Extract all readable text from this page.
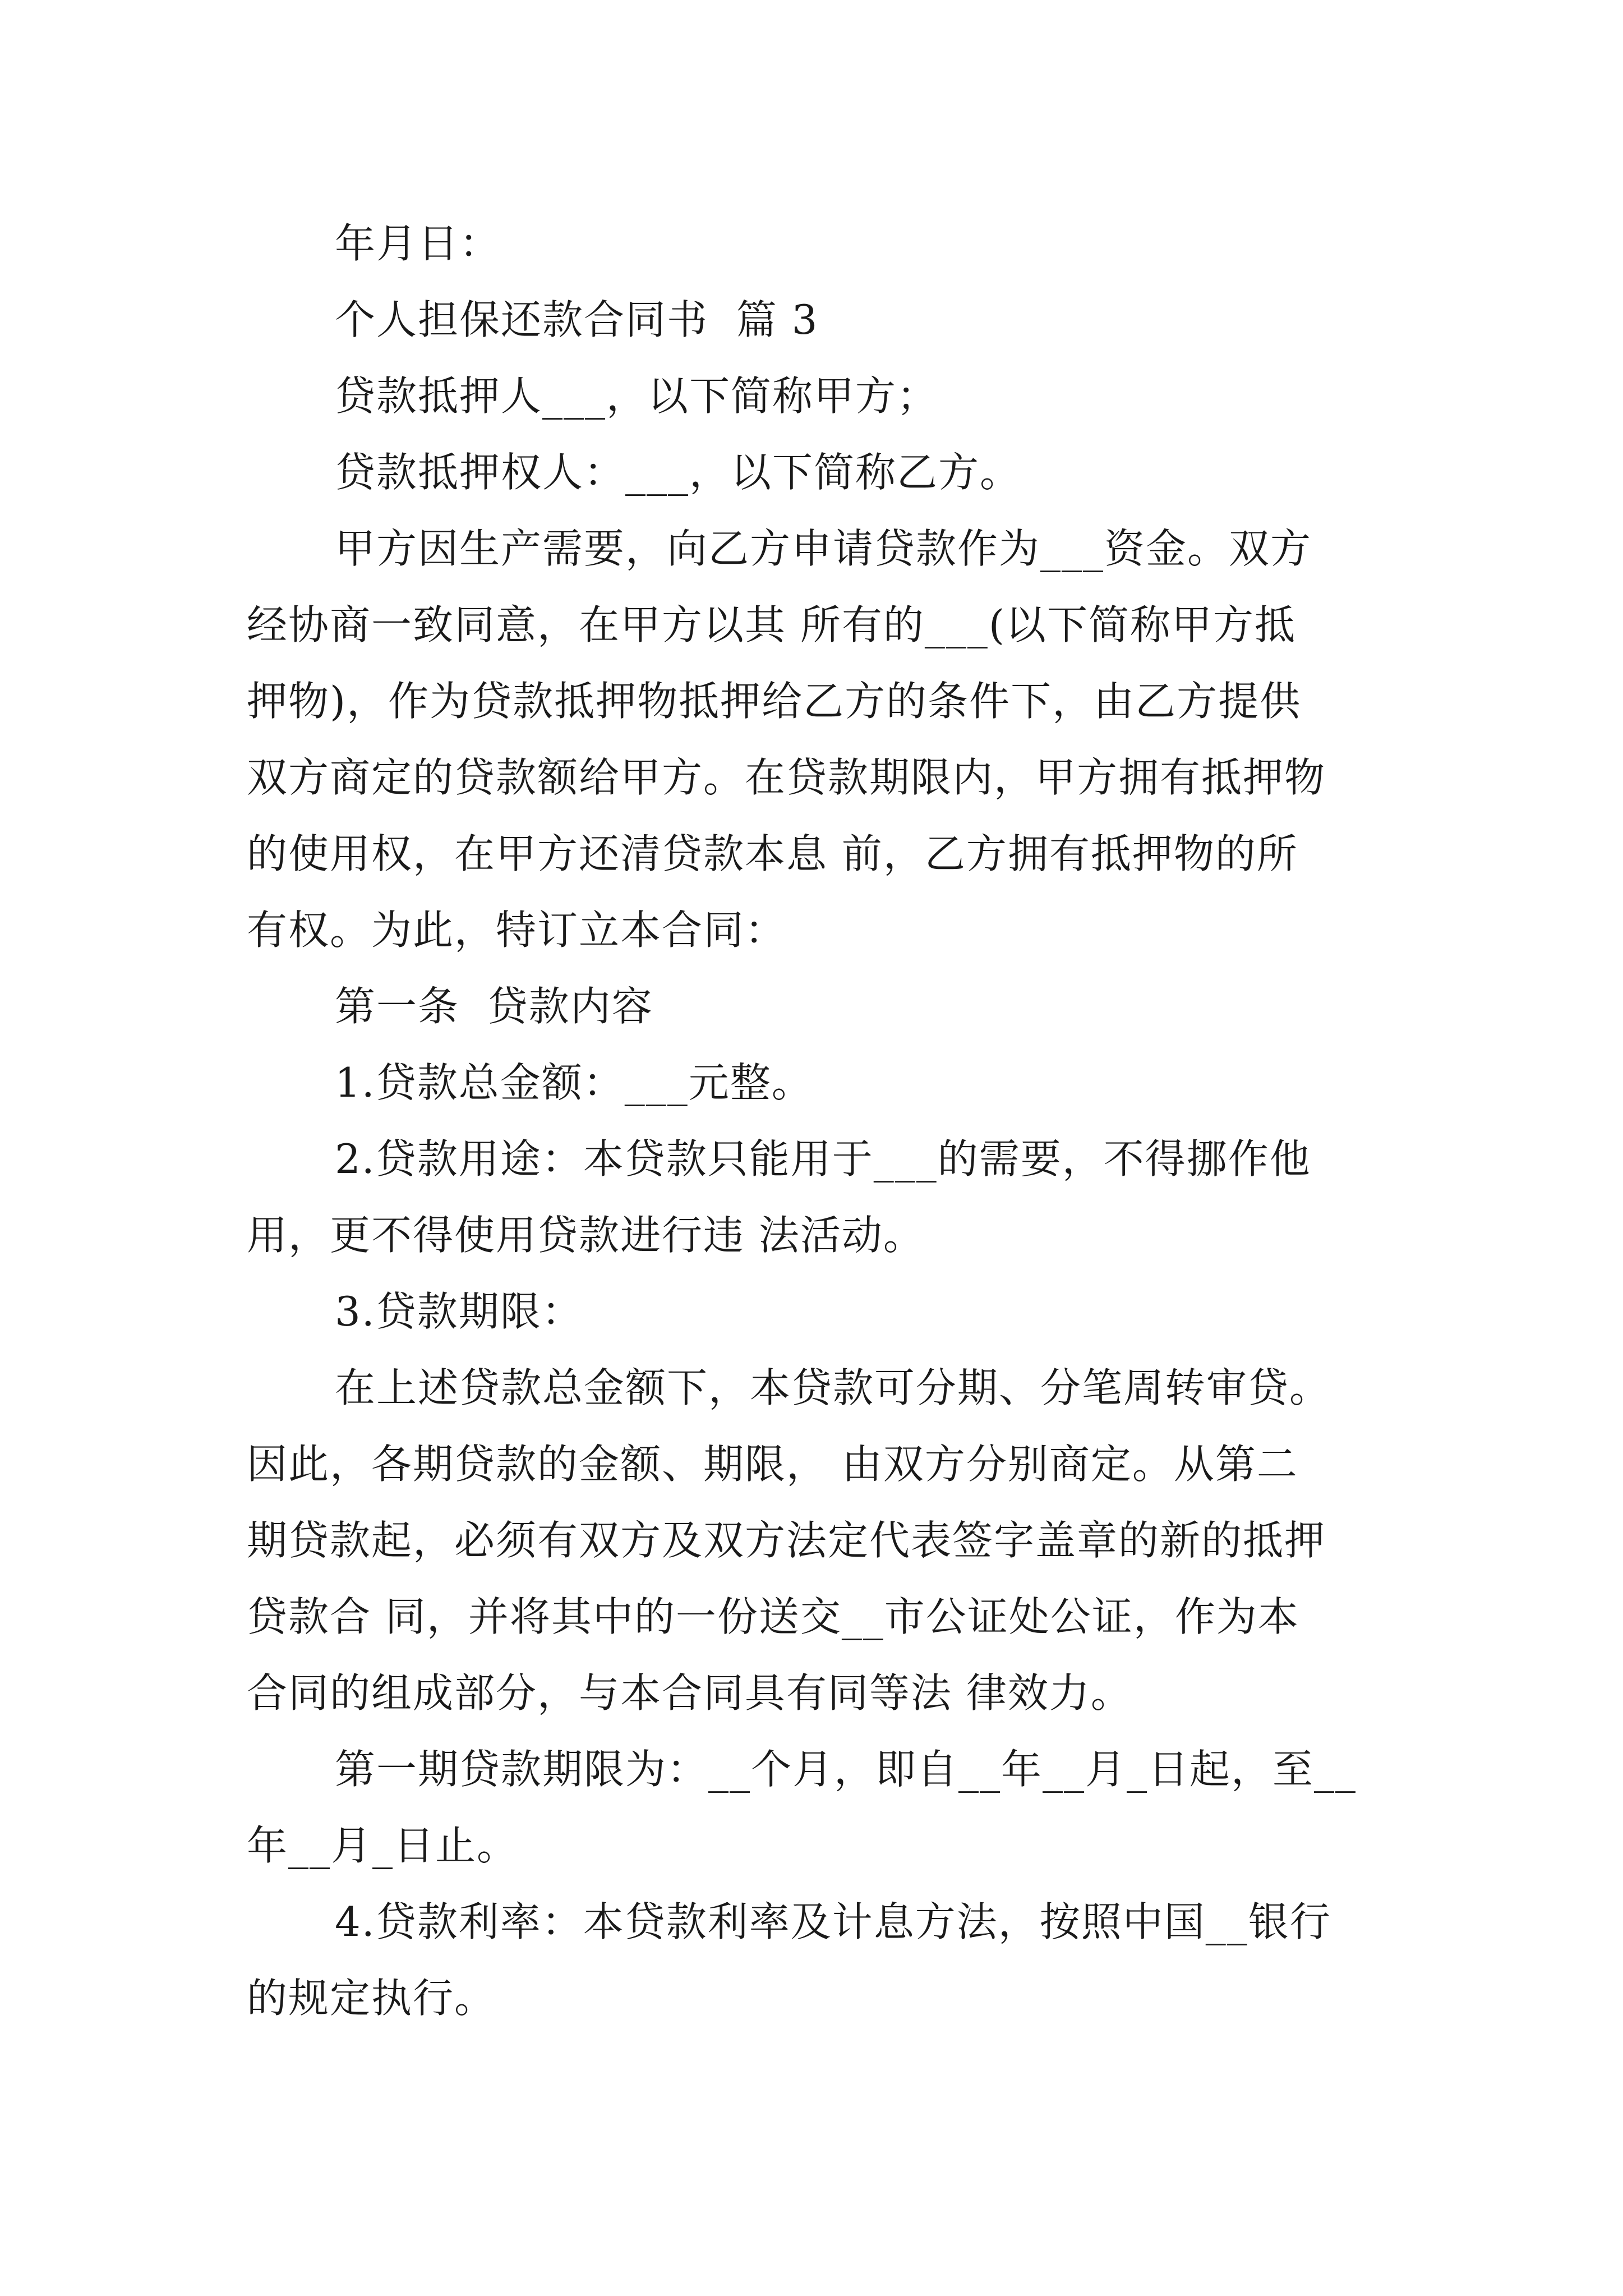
年月日：
个人担保还款合同书  篇 3
贷款抵押人___，以下简称甲方；
贷款抵押权人：___，以下简称乙方。
甲方因生产需要，向乙方申请贷款作为___资金。双方
经协商一致同意，在甲方以其 所有的___(以下简称甲方抵
押物)，作为贷款抵押物抵押给乙方的条件下，由乙方提供
双方商定的贷款额给甲方。在贷款期限内，甲方拥有抵押物
的使用权，在甲方还清贷款本息 前，乙方拥有抵押物的所
有权。为此，特订立本合同：
第一条  贷款内容
1.贷款总金额：___元整。
2.贷款用途：本贷款只能用于___的需要，不得挪作他
用，更不得使用贷款进行违 法活动。
3.贷款期限：
在上述贷款总金额下，本贷款可分期、分笔周转审贷。
因此，各期贷款的金额、期限， 由双方分别商定。从第二
期贷款起，必须有双方及双方法定代表签字盖章的新的抵押
贷款合 同，并将其中的一份送交__市公证处公证，作为本
合同的组成部分，与本合同具有同等法 律效力。
第一期贷款期限为：__个月，即自__年__月_日起，至__
年__月_日止。
4.贷款利率：本贷款利率及计息方法，按照中国__银行
的规定执行。
